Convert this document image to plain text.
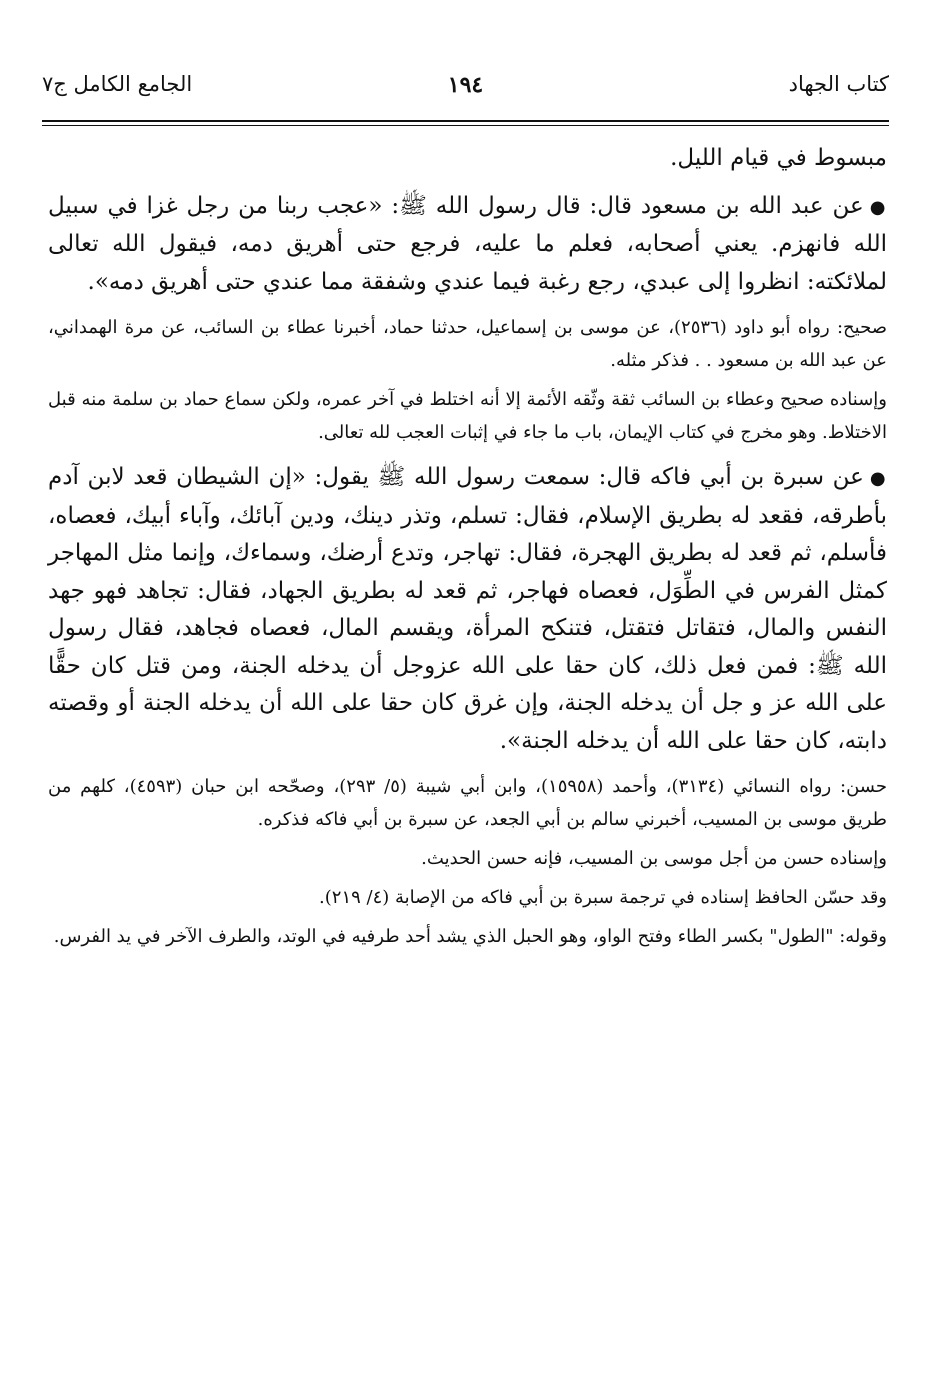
كتاب الجهاد
١٩٤
الجامع الكامل ج٧

مبسوط في قيام الليل.

●عن عبد الله بن مسعود قال: قال رسول الله ﷺ: «عجب ربنا من رجل غزا في سبيل الله فانهزم. يعني أصحابه، فعلم ما عليه، فرجع حتى أهريق دمه، فيقول الله تعالى لملائكته: انظروا إلى عبدي، رجع رغبة فيما عندي وشفقة مما عندي حتى أهريق دمه».

صحيح: رواه أبو داود (٢٥٣٦)، عن موسى بن إسماعيل، حدثنا حماد، أخبرنا عطاء بن السائب، عن مرة الهمداني، عن عبد الله بن مسعود . . فذكر مثله.

وإسناده صحيح وعطاء بن السائب ثقة وثّقه الأئمة إلا أنه اختلط في آخر عمره، ولكن سماع حماد بن سلمة منه قبل الاختلاط. وهو مخرج في كتاب الإيمان، باب ما جاء في إثبات العجب لله تعالى.

●عن سبرة بن أبي فاكه قال: سمعت رسول الله ﷺ يقول: «إن الشيطان قعد لابن آدم بأطرقه، فقعد له بطريق الإسلام، فقال: تسلم، وتذر دينك، ودين آبائك، وآباء أبيك، فعصاه، فأسلم، ثم قعد له بطريق الهجرة، فقال: تهاجر، وتدع أرضك، وسماءك، وإنما مثل المهاجر كمثل الفرس في الطِّوَل، فعصاه فهاجر، ثم قعد له بطريق الجهاد، فقال: تجاهد فهو جهد النفس والمال، فتقاتل فتقتل، فتنكح المرأة، ويقسم المال، فعصاه فجاهد، فقال رسول الله ﷺ: فمن فعل ذلك، كان حقا على الله عزوجل أن يدخله الجنة، ومن قتل كان حقًّا على الله عز و جل أن يدخله الجنة، وإن غرق كان حقا على الله أن يدخله الجنة أو وقصته دابته، كان حقا على الله أن يدخله الجنة».

حسن: رواه النسائي (٣١٣٤)، وأحمد (١٥٩٥٨)، وابن أبي شيبة (٥/ ٢٩٣)، وصحّحه ابن حبان (٤٥٩٣)، كلهم من طريق موسى بن المسيب، أخبرني سالم بن أبي الجعد، عن سبرة بن أبي فاكه فذكره.

وإسناده حسن من أجل موسى بن المسيب، فإنه حسن الحديث.

وقد حسّن الحافظ إسناده في ترجمة سبرة بن أبي فاكه من الإصابة (٤/ ٢١٩).

وقوله: "الطول" بكسر الطاء وفتح الواو، وهو الحبل الذي يشد أحد طرفيه في الوتد، والطرف الآخر في يد الفرس.
